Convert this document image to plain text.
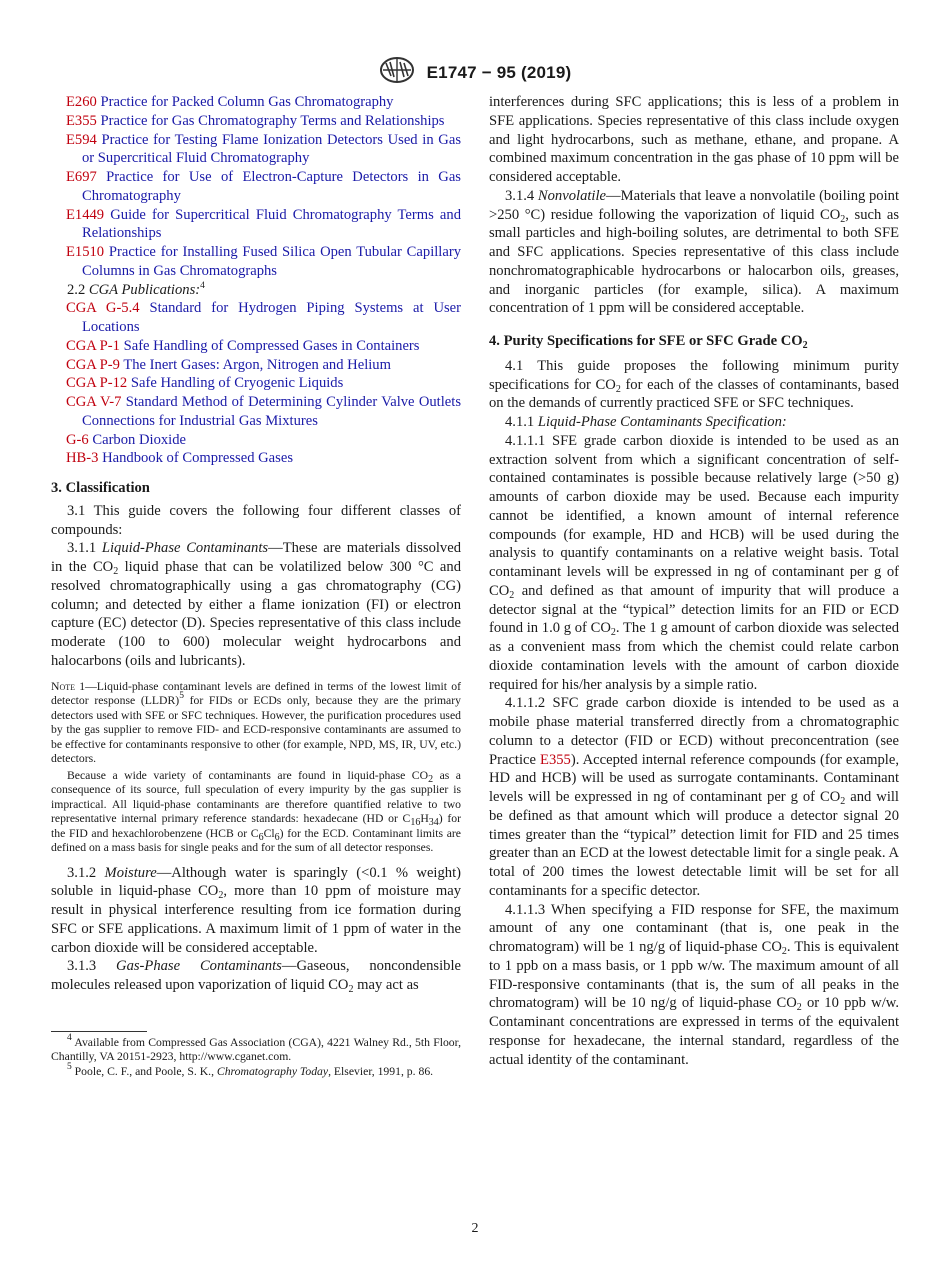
E1747 − 95 (2019)

E260 Practice for Packed Column Gas Chromatography

E355 Practice for Gas Chromatography Terms and Relationships

E594 Practice for Testing Flame Ionization Detectors Used in Gas or Supercritical Fluid Chromatography

E697 Practice for Use of Electron-Capture Detectors in Gas Chromatography

E1449 Guide for Supercritical Fluid Chromatography Terms and Relationships

E1510 Practice for Installing Fused Silica Open Tubular Capillary Columns in Gas Chromatographs

2.2 CGA Publications:$^4$

CGA G-5.4 Standard for Hydrogen Piping Systems at User Locations

CGA P-1 Safe Handling of Compressed Gases in Containers

CGA P-9 The Inert Gases: Argon, Nitrogen and Helium

CGA P-12 Safe Handling of Cryogenic Liquids

CGA V-7 Standard Method of Determining Cylinder Valve Outlets Connections for Industrial Gas Mixtures

G-6 Carbon Dioxide

HB-3 Handbook of Compressed Gases

3. Classification

3.1 This guide covers the following four different classes of compounds:

3.1.1 Liquid-Phase Contaminants—These are materials dissolved in the $CO_2$ liquid phase that can be volatilized below 300 °C and resolved chromatographically using a gas chromatography (CG) column; and detected by either a flame ionization (FI) or electron capture (EC) detector (D). Species representative of this class include moderate (100 to 600) molecular weight hydrocarbons and halocarbons (oils and lubricants).

Note 1—Liquid-phase contaminant levels are defined in terms of the lowest limit of detector response (LLDR)$^5$ for FIDs or ECDs only, because they are the primary detectors used with SFE or SFC techniques. However, the purification procedures used by the gas supplier to remove FID- and ECD-responsive contaminants are assumed to be effective for contaminants responsive to other (for example, NPD, MS, IR, UV, etc.) detectors.

Because a wide variety of contaminants are found in liquid-phase $CO_2$ as a consequence of its source, full speculation of every impurity by the gas supplier is impractical. All liquid-phase contaminants are therefore quantified relative to two representative internal primary reference standards: hexadecane (HD or $C_{16}H_{34}$) for the FID and hexachlorobenzene (HCB or $C_6Cl_6$) for the ECD. Contaminant limits are defined on a mass basis for single peaks and for the sum of all detector responses.

3.1.2 Moisture—Although water is sparingly (<0.1 % weight) soluble in liquid-phase $CO_2$, more than 10 ppm of moisture may result in physical interference resulting from ice formation during SFC or SFE applications. A maximum limit of 1 ppm of water in the carbon dioxide will be considered acceptable.

3.1.3 Gas-Phase Contaminants—Gaseous, noncondensible molecules released upon vaporization of liquid $CO_2$ may act as

$^4$ Available from Compressed Gas Association (CGA), 4221 Walney Rd., 5th Floor, Chantilly, VA 20151-2923, http://www.cganet.com.

$^5$ Poole, C. F., and Poole, S. K., Chromatography Today, Elsevier, 1991, p. 86.

interferences during SFC applications; this is less of a problem in SFE applications. Species representative of this class include oxygen and light hydrocarbons, such as methane, ethane, and propane. A combined maximum concentration in the gas phase of 10 ppm will be considered acceptable.

3.1.4 Nonvolatile—Materials that leave a nonvolatile (boiling point >250 °C) residue following the vaporization of liquid $CO_2$, such as small particles and high-boiling solutes, are detrimental to both SFE and SFC applications. Species representative of this class include nonchromatographicable hydrocarbons or halocarbon oils, greases, and inorganic particles (for example, silica). A maximum concentration of 1 ppm will be considered acceptable.

4. Purity Specifications for SFE or SFC Grade $CO_2$

4.1 This guide proposes the following minimum purity specifications for $CO_2$ for each of the classes of contaminants, based on the demands of currently practiced SFE or SFC techniques.

4.1.1 Liquid-Phase Contaminants Specification:

4.1.1.1 SFE grade carbon dioxide is intended to be used as an extraction solvent from which a significant concentration of self-contained contaminates is possible because relatively large (>50 g) amounts of carbon dioxide may be used. Because each impurity cannot be identified, a known amount of internal reference compounds (for example, HD and HCB) will be used during the analysis to quantify contaminants on a relative weight basis. Total contaminant levels will be expressed in ng of contaminant per g of $CO_2$ and defined as that amount of impurity that will produce a detector signal at the “typical” detection limits for an FID or ECD found in 1.0 g of $CO_2$. The 1 g amount of carbon dioxide was selected as a convenient mass from which the chemist could relate carbon dioxide contamination levels with the amount of carbon dioxide required for his/her analysis by a simple ratio.

4.1.1.2 SFC grade carbon dioxide is intended to be used as a mobile phase material transferred directly from a chromatographic column to a detector (FID or ECD) without preconcentration (see Practice E355). Accepted internal reference compounds (for example, HD and HCB) will be used as surrogate contaminants. Contaminant levels will be expressed in ng of contaminant per g of $CO_2$ and will be defined as that amount which will produce a detector signal 20 times greater than the “typical” detection limit for FID and 25 times greater than an ECD at the lowest detectable limit for a single peak. A total of 200 times the lowest detectable limit will be set for all contaminants for a specific detector.

4.1.1.3 When specifying a FID response for SFE, the maximum amount of any one contaminant (that is, one peak in the chromatogram) will be 1 ng/g of liquid-phase $CO_2$. This is equivalent to 1 ppb on a mass basis, or 1 ppb w/w. The maximum amount of all FID-responsive contaminants (that is, the sum of all peaks in the chromatogram) will be 10 ng/g of liquid-phase $CO_2$ or 10 ppb w/w. Contaminant concentrations are expressed in terms of the equivalent response for hexadecane, the internal standard, regardless of the actual identity of the contaminant.

2
